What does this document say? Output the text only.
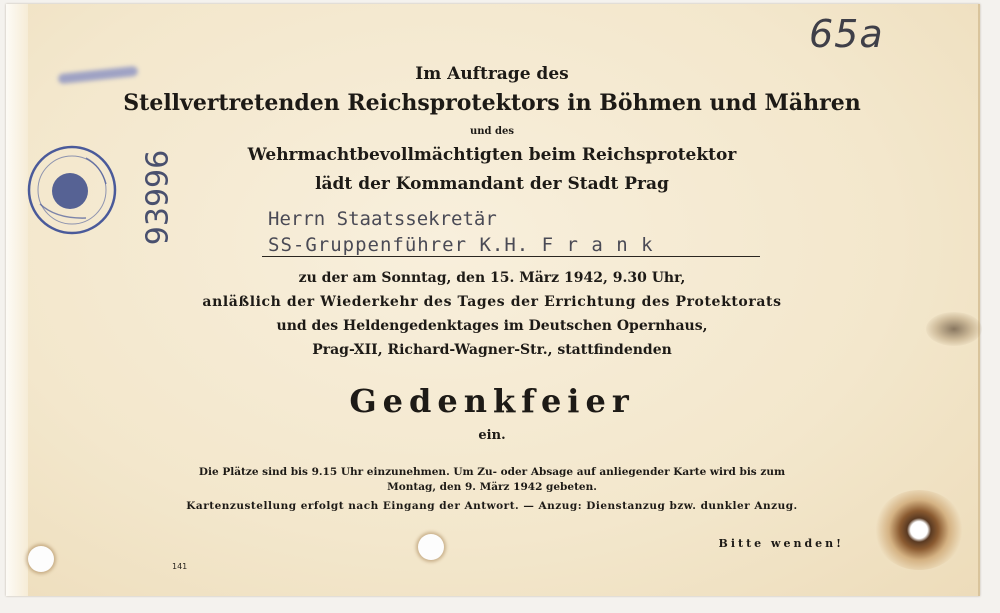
65a
93996
Im Auftrage des
Stellvertretenden Reichsprotektors in Böhmen und Mähren
und des
Wehrmachtbevollmächtigten beim Reichsprotektor
lädt der Kommandant der Stadt Prag
Herrn Staatssekretär
SS-Gruppenführer K.H. F r a n k
zu der am Sonntag, den 15. März 1942, 9.30 Uhr,
anläßlich der Wiederkehr des Tages der Errichtung des Protektorats
und des Heldengedenktages im Deutschen Opernhaus,
Prag-XII, Richard-Wagner-Str., stattfindenden
Gedenkfeier
ein.
Die Plätze sind bis 9.15 Uhr einzunehmen. Um Zu- oder Absage auf anliegender Karte wird bis zum
Montag, den 9. März 1942 gebeten.
Kartenzustellung erfolgt nach Eingang der Antwort. — Anzug: Dienstanzug bzw. dunkler Anzug.
Bitte wenden!
141
